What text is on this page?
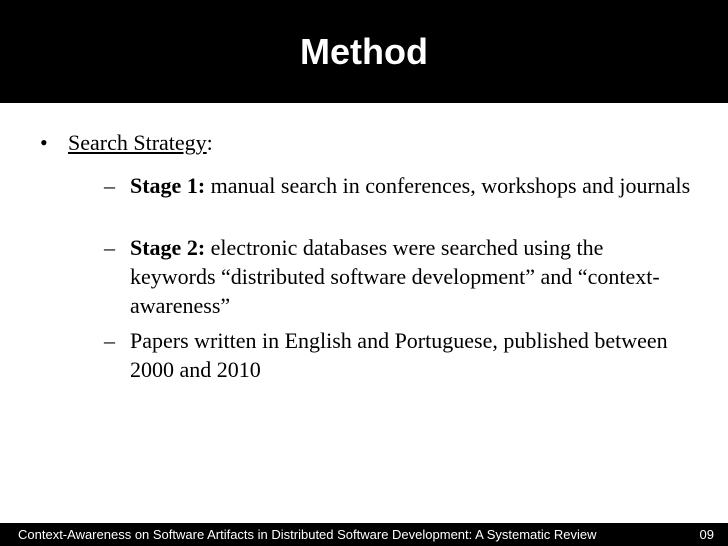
Method
• Search Strategy:
– Stage 1: manual search in conferences, workshops and journals
– Stage 2: electronic databases were searched using the keywords “distributed software development” and “context-awareness”
– Papers written in English and Portuguese, published between 2000 and 2010
Context-Awareness on Software Artifacts in Distributed Software Development: A Systematic Review	09
